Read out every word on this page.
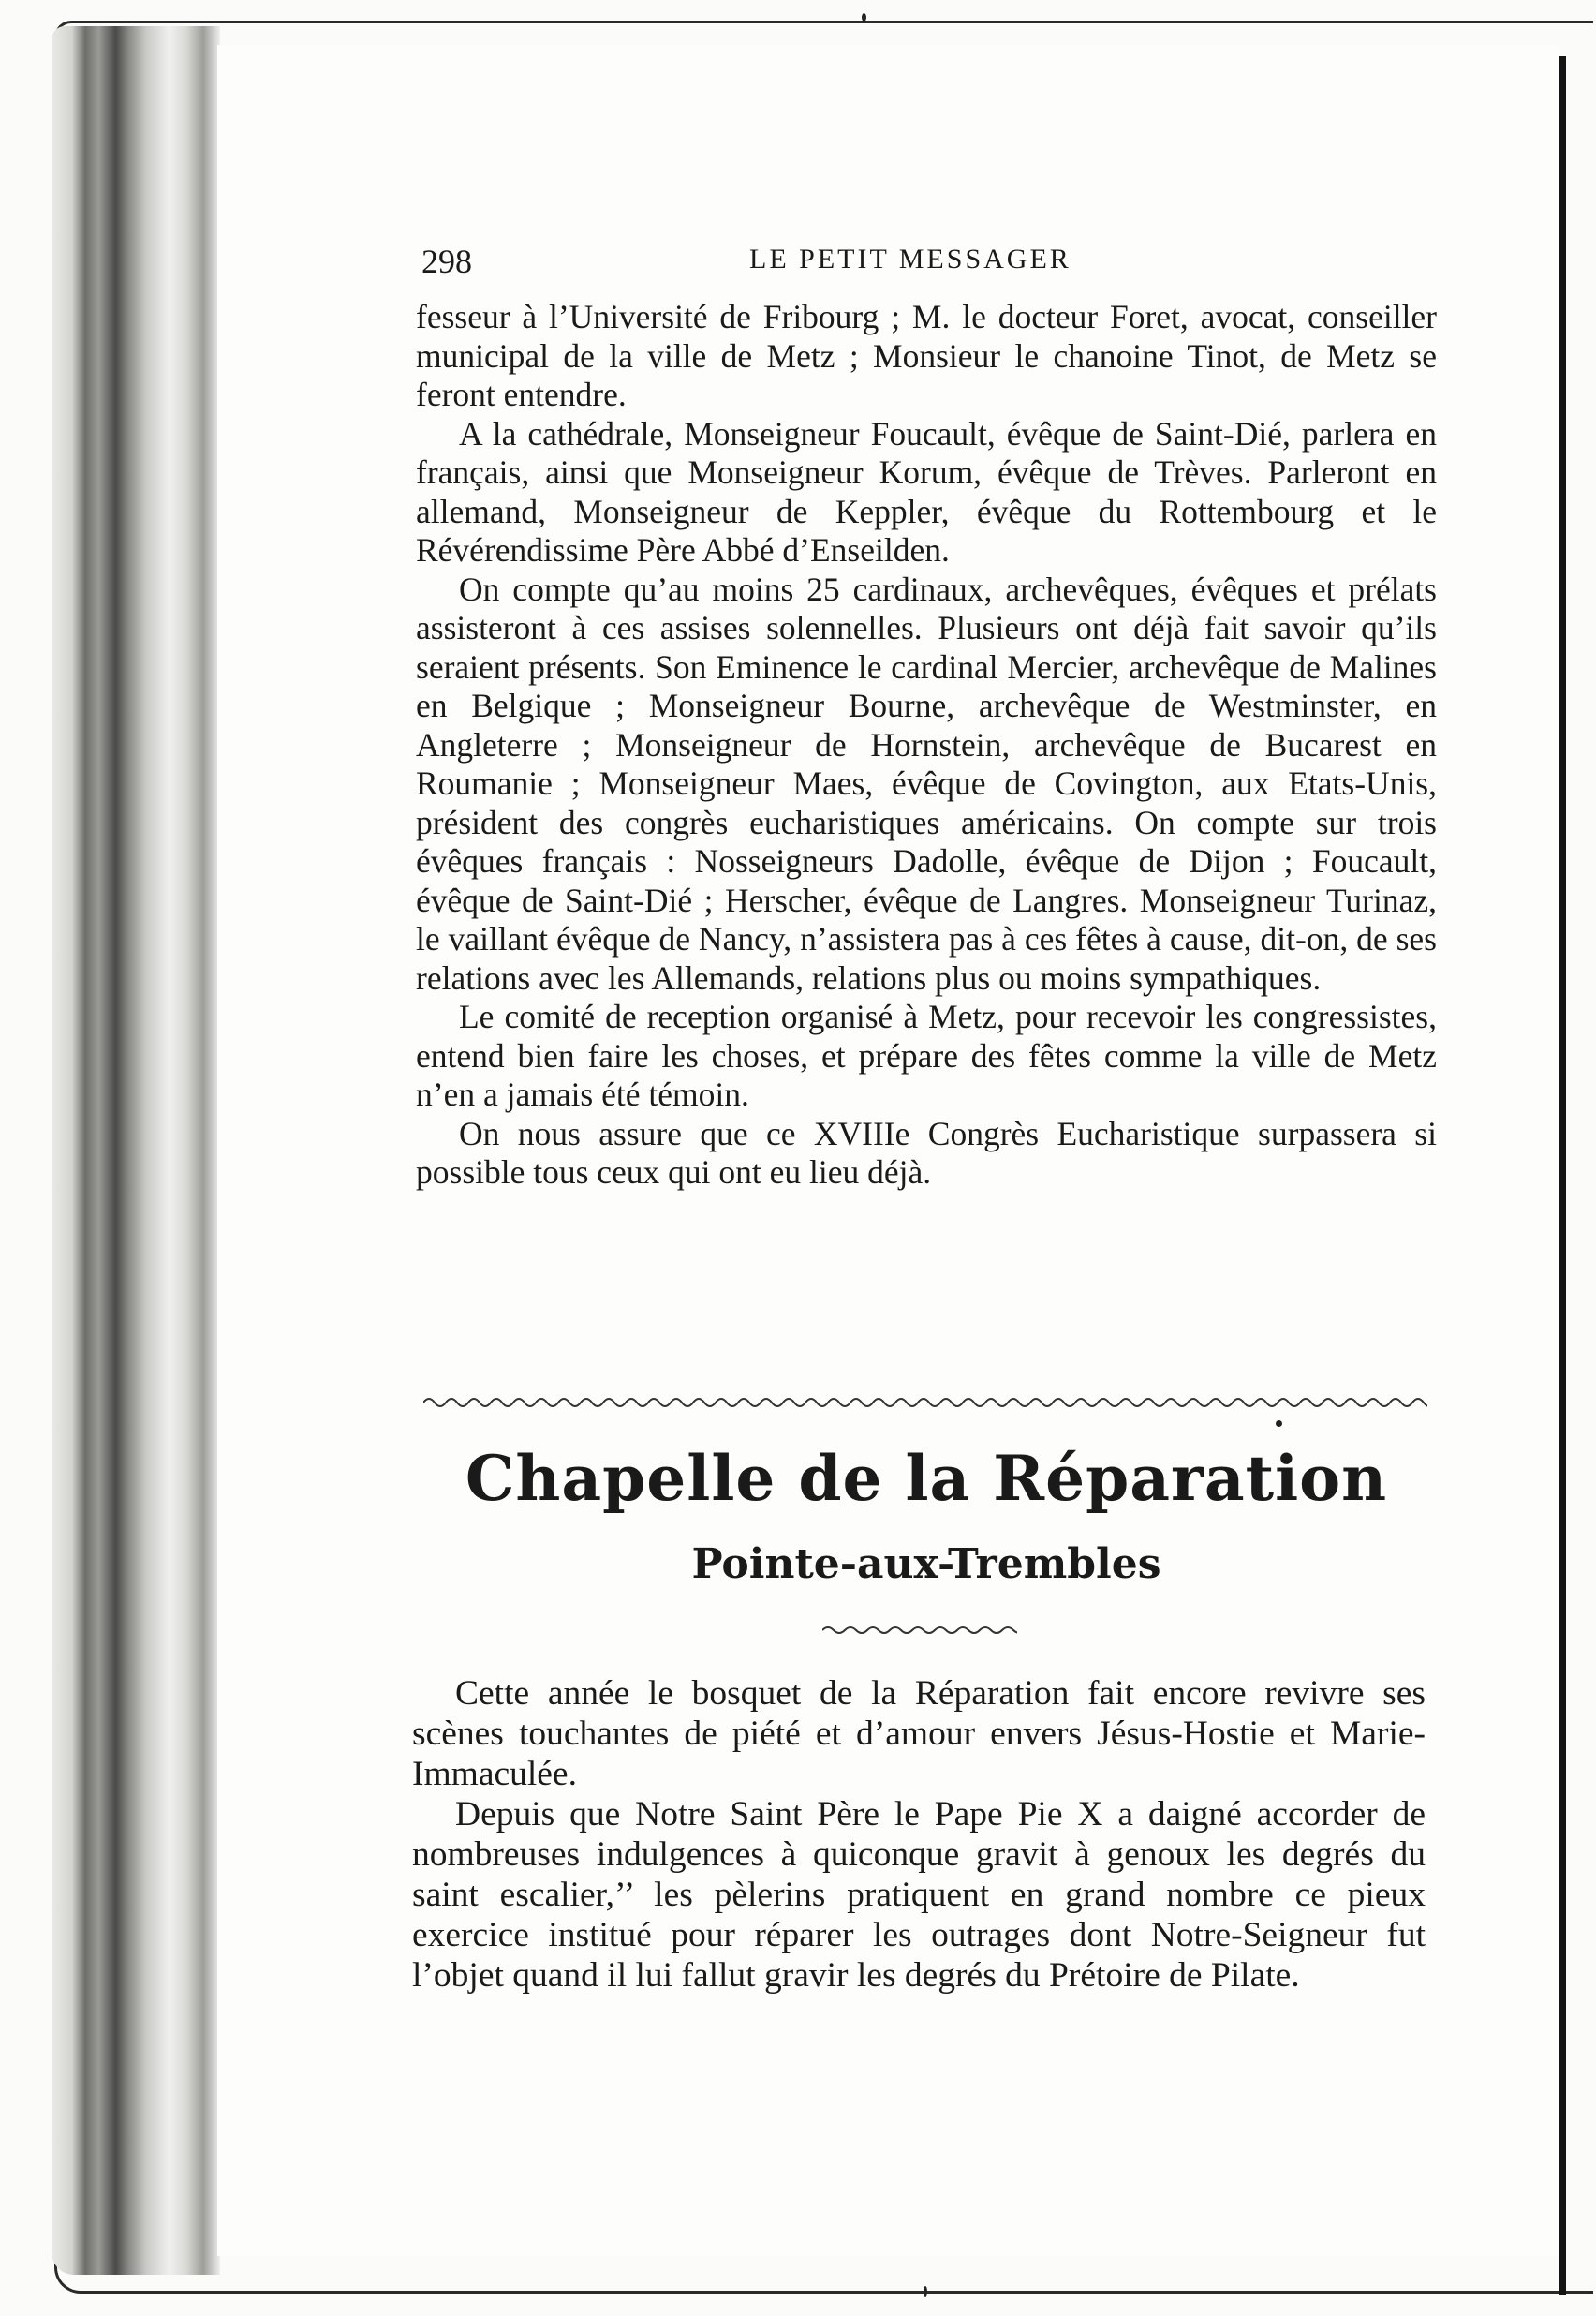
298	LE PETIT MESSAGER

fesseur à l’Université de Fribourg ; M. le docteur Foret, avocat, conseiller municipal de la ville de Metz ; Monsieur le chanoine Tinot, de Metz se feront entendre.

A la cathédrale, Monseigneur Foucault, évêque de Saint-Dié, parlera en français, ainsi que Monseigneur Korum, évêque de Trèves. Parleront en allemand, Monseigneur de Keppler, évêque du Rottembourg et le Révérendissime Père Abbé d’Enseilden.

On compte qu’au moins 25 cardinaux, archevêques, évêques et prélats assisteront à ces assises solennelles. Plusieurs ont déjà fait savoir qu’ils seraient présents. Son Eminence le cardinal Mercier, archevêque de Malines en Belgique ; Monseigneur Bourne, archevêque de Westminster, en Angleterre ; Monseigneur de Hornstein, archevêque de Bucarest en Roumanie ; Monseigneur Maes, évêque de Covington, aux Etats-Unis, président des congrès eucharistiques américains. On compte sur trois évêques français : Nosseigneurs Dadolle, évêque de Dijon ; Foucault, évêque de Saint-Dié ; Herscher, évêque de Langres. Monseigneur Turinaz, le vaillant évêque de Nancy, n’assistera pas à ces fêtes à cause, dit-on, de ses relations avec les Allemands, relations plus ou moins sympathiques.

Le comité de reception organisé à Metz, pour recevoir les congressistes, entend bien faire les choses, et prépare des fêtes comme la ville de Metz n’en a jamais été témoin.

On nous assure que ce XVIIIe Congrès Eucharistique surpassera si possible tous ceux qui ont eu lieu déjà.

Chapelle de la Réparation
Pointe-aux-Trembles

Cette année le bosquet de la Réparation fait encore revivre ses scènes touchantes de piété et d’amour envers Jésus-Hostie et Marie-Immaculée.

Depuis que Notre Saint Père le Pape Pie X a daigné accorder de nombreuses indulgences à quiconque gravit à genoux les degrés du saint escalier,’’ les pèlerins pratiquent en grand nombre ce pieux exercice institué pour réparer les outrages dont Notre-Seigneur fut l’objet quand il lui fallut gravir les degrés du Prétoire de Pilate.
